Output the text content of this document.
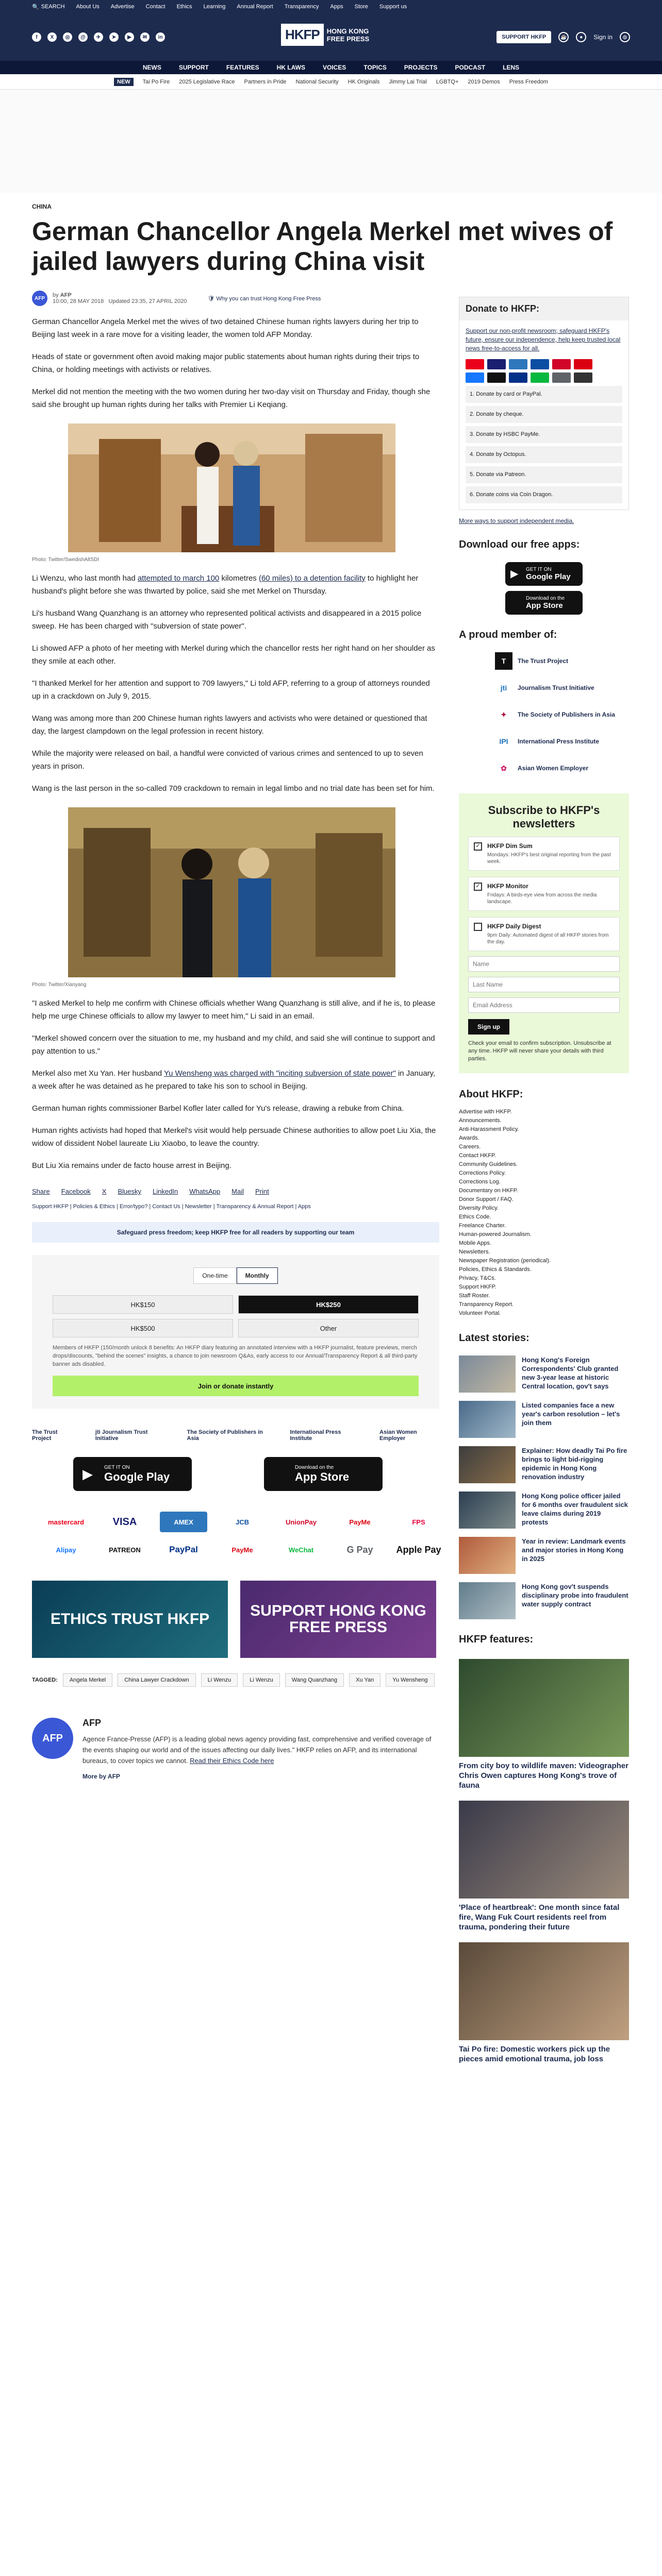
🔍 SEARCH About Us Advertise Contact Ethics Learning Annual Report Transparency Apps Store Support us
f	X	◎	@	✈	➤	▶	✉	in	HKFP	HONG KONG
FREE PRESS	SUPPORT HKFP	☕	●	Sign in	◍
NEWS	SUPPORT	FEATURES	HK LAWS	VOICES	TOPICS	PROJECTS	PODCAST	LENS
NEW	Tai Po Fire 2025 Legislative Race Partners in Pride National Security HK Originals Jimmy Lai Trial LGBTQ+ 2019 Demos Press Freedom
CHINA
German Chancellor Angela Merkel met wives of jailed lawyers during China visit
AFP	by AFP
10:00, 28 MAY 2018 Updated 23:35, 27 APRIL 2020	🛡 Why you can trust Hong Kong Free Press

German Chancellor Angela Merkel met the wives of two detained Chinese human rights lawyers during her trip to Beijing last week in a rare move for a visiting leader, the women told AFP Monday.

Heads of state or government often avoid making major public statements about human rights during their trips to China, or holding meetings with activists or relatives.

Merkel did not mention the meeting with the two women during her two-day visit on Thursday and Friday, though she said she brought up human rights during her talks with Premier Li Keqiang.

Photo: Twitter/SwedishAltSDI

Li Wenzu, who last month had attempted to march 100 kilometres (60 miles) to a detention facility to highlight her husband's plight before she was thwarted by police, said she met Merkel on Thursday.

Li's husband Wang Quanzhang is an attorney who represented political activists and disappeared in a 2015 police sweep. He has been charged with "subversion of state power".

Li showed AFP a photo of her meeting with Merkel during which the chancellor rests her right hand on her shoulder as they smile at each other.

"I thanked Merkel for her attention and support to 709 lawyers," Li told AFP, referring to a group of attorneys rounded up in a crackdown on July 9, 2015.

Wang was among more than 200 Chinese human rights lawyers and activists who were detained or questioned that day, the largest clampdown on the legal profession in recent history.

While the majority were released on bail, a handful were convicted of various crimes and sentenced to up to seven years in prison.

Wang is the last person in the so-called 709 crackdown to remain in legal limbo and no trial date has been set for him.

Photo: Twitter/Xianyang

"I asked Merkel to help me confirm with Chinese officials whether Wang Quanzhang is still alive, and if he is, to please help me urge Chinese officials to allow my lawyer to meet him," Li said in an email.

"Merkel showed concern over the situation to me, my husband and my child, and said she will continue to support and pay attention to us."

Merkel also met Xu Yan. Her husband Yu Wensheng was charged with "inciting subversion of state power" in January, a week after he was detained as he prepared to take his son to school in Beijing.

German human rights commissioner Barbel Kofler later called for Yu's release, drawing a rebuke from China.

Human rights activists had hoped that Merkel's visit would help persuade Chinese authorities to allow poet Liu Xia, the widow of dissident Nobel laureate Liu Xiaobo, to leave the country.

But Liu Xia remains under de facto house arrest in Beijing.

Share Facebook X Bluesky LinkedIn WhatsApp Mail Print
Support HKFP | Policies & Ethics | Error/typo? | Contact Us | Newsletter | Transparency & Annual Report | Apps
Safeguard press freedom; keep HKFP free for all readers by supporting our team
One-time	Monthly
HK$150	HK$250
HK$500	Other
Members of HKFP (150/month unlock 8 benefits: An HKFP diary featuring an annotated interview with a HKFP journalist, feature previews, merch drops/discounts, "behind the scenes" insights, a chance to join newsroom Q&As, early access to our Annual/Transparency Report & all third-party banner ads disabled.
Join or donate instantly
The Trust Project
jti Journalism Trust Initiative
The Society of Publishers in Asia
International Press Institute
Asian Women Employer
▶ GET IT ON
Google Play
Download on the
App Store
mastercard	VISA	AMEX	JCB	UnionPay	PayMe	FPS
Alipay	PATREON	PayPal	PayMe	WeChat	G Pay	Apple Pay
ETHICS TRUST HKFP	SUPPORT HONG KONG FREE PRESS
TAGGED:	Angela Merkel	China Lawyer Crackdown	Li Wenzu	Li Wenzu	Wang Quanzhang	Xu Yan	Yu Wensheng
AFP
AFP

Agence France-Presse (AFP) is a leading global news agency providing fast, comprehensive and verified coverage of the events shaping our world and of the issues affecting our daily lives." HKFP relies on AFP, and its international bureaus, to cover topics we cannot. Read their Ethics Code here

More by AFP

Donate to HKFP:
Support our non-profit newsroom; safeguard HKFP's future, ensure our independence, help keep trusted local news free-to-access for all.
1. Donate by card or PayPal.
2. Donate by cheque.
3. Donate by HSBC PayMe.
4. Donate by Octopus.
5. Donate via Patreon.
6. Donate coins via Coin Dragon.
More ways to support independent media.
Download our free apps:
▶ GET IT ON
Google Play
Download on the
App Store
A proud member of:
T	The Trust Project
jti	Journalism Trust Initiative
✦	The Society of Publishers in Asia
IPI	International Press Institute
✿	Asian Women Employer
Subscribe to HKFP's newsletters
✓ HKFP Dim Sum
Mondays: HKFP's best original reporting from the past week.
✓ HKFP Monitor
Fridays: A birds-eye view from across the media landscape.
HKFP Daily Digest
9pm Daily: Automated digest of all HKFP stories from the day.
Name Last Name Email Address Sign up
Check your email to confirm subscription. Unsubscribe at any time. HKFP will never share your details with third parties.
About HKFP:
Advertise with HKFP.
Announcements.
Anti-Harassment Policy.
Awards.
Careers.
Contact HKFP.
Community Guidelines.
Corrections Policy.
Corrections Log.
Documentary on HKFP.
Donor Support / FAQ.
Diversity Policy.
Ethics Code.
Freelance Charter.
Human-powered Journalism.
Mobile Apps.
Newsletters.
Newspaper Registration (periodical).
Policies, Ethics & Standards.
Privacy, T&Cs.
Support HKFP.
Staff Roster.
Transparency Report.
Volunteer Portal.
Latest stories:
Hong Kong's Foreign Correspondents' Club granted new 3-year lease at historic Central location, gov't says
Listed companies face a new year's carbon resolution – let's join them
Explainer: How deadly Tai Po fire brings to light bid-rigging epidemic in Hong Kong renovation industry
Hong Kong police officer jailed for 6 months over fraudulent sick leave claims during 2019 protests
Year in review: Landmark events and major stories in Hong Kong in 2025
Hong Kong gov't suspends disciplinary probe into fraudulent water supply contract
HKFP features:
From city boy to wildlife maven: Videographer Chris Owen captures Hong Kong's trove of fauna
'Place of heartbreak': One month since fatal fire, Wang Fuk Court residents reel from trauma, pondering their future
Tai Po fire: Domestic workers pick up the pieces amid emotional trauma, job loss
